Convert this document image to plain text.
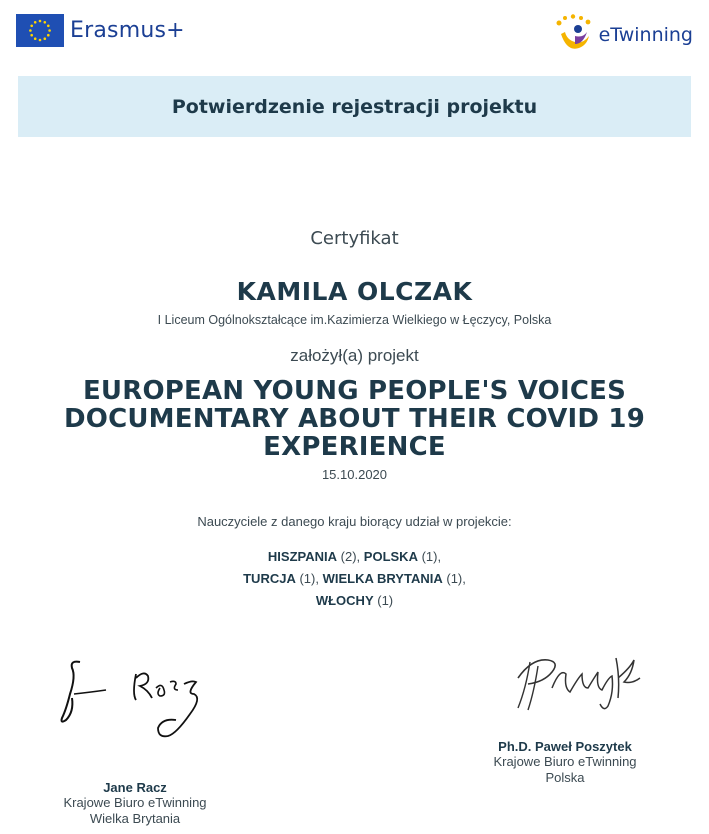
Erasmus+	eTwinning
Potwierdzenie rejestracji projektu
Certyfikat
KAMILA OLCZAK
I Liceum Ogólnokształcące im.Kazimierza Wielkiego w Łęczycy, Polska
założył(a) projekt
EUROPEAN YOUNG PEOPLE'S VOICES DOCUMENTARY ABOUT THEIR COVID 19 EXPERIENCE
15.10.2020
Nauczyciele z danego kraju biorący udział w projekcie:
HISZPANIA (2), POLSKA (1),
TURCJA (1), WIELKA BRYTANIA (1),
WŁOCHY (1)
Jane Racz
Krajowe Biuro eTwinning
Wielka Brytania
Ph.D. Paweł Poszytek
Krajowe Biuro eTwinning
Polska
